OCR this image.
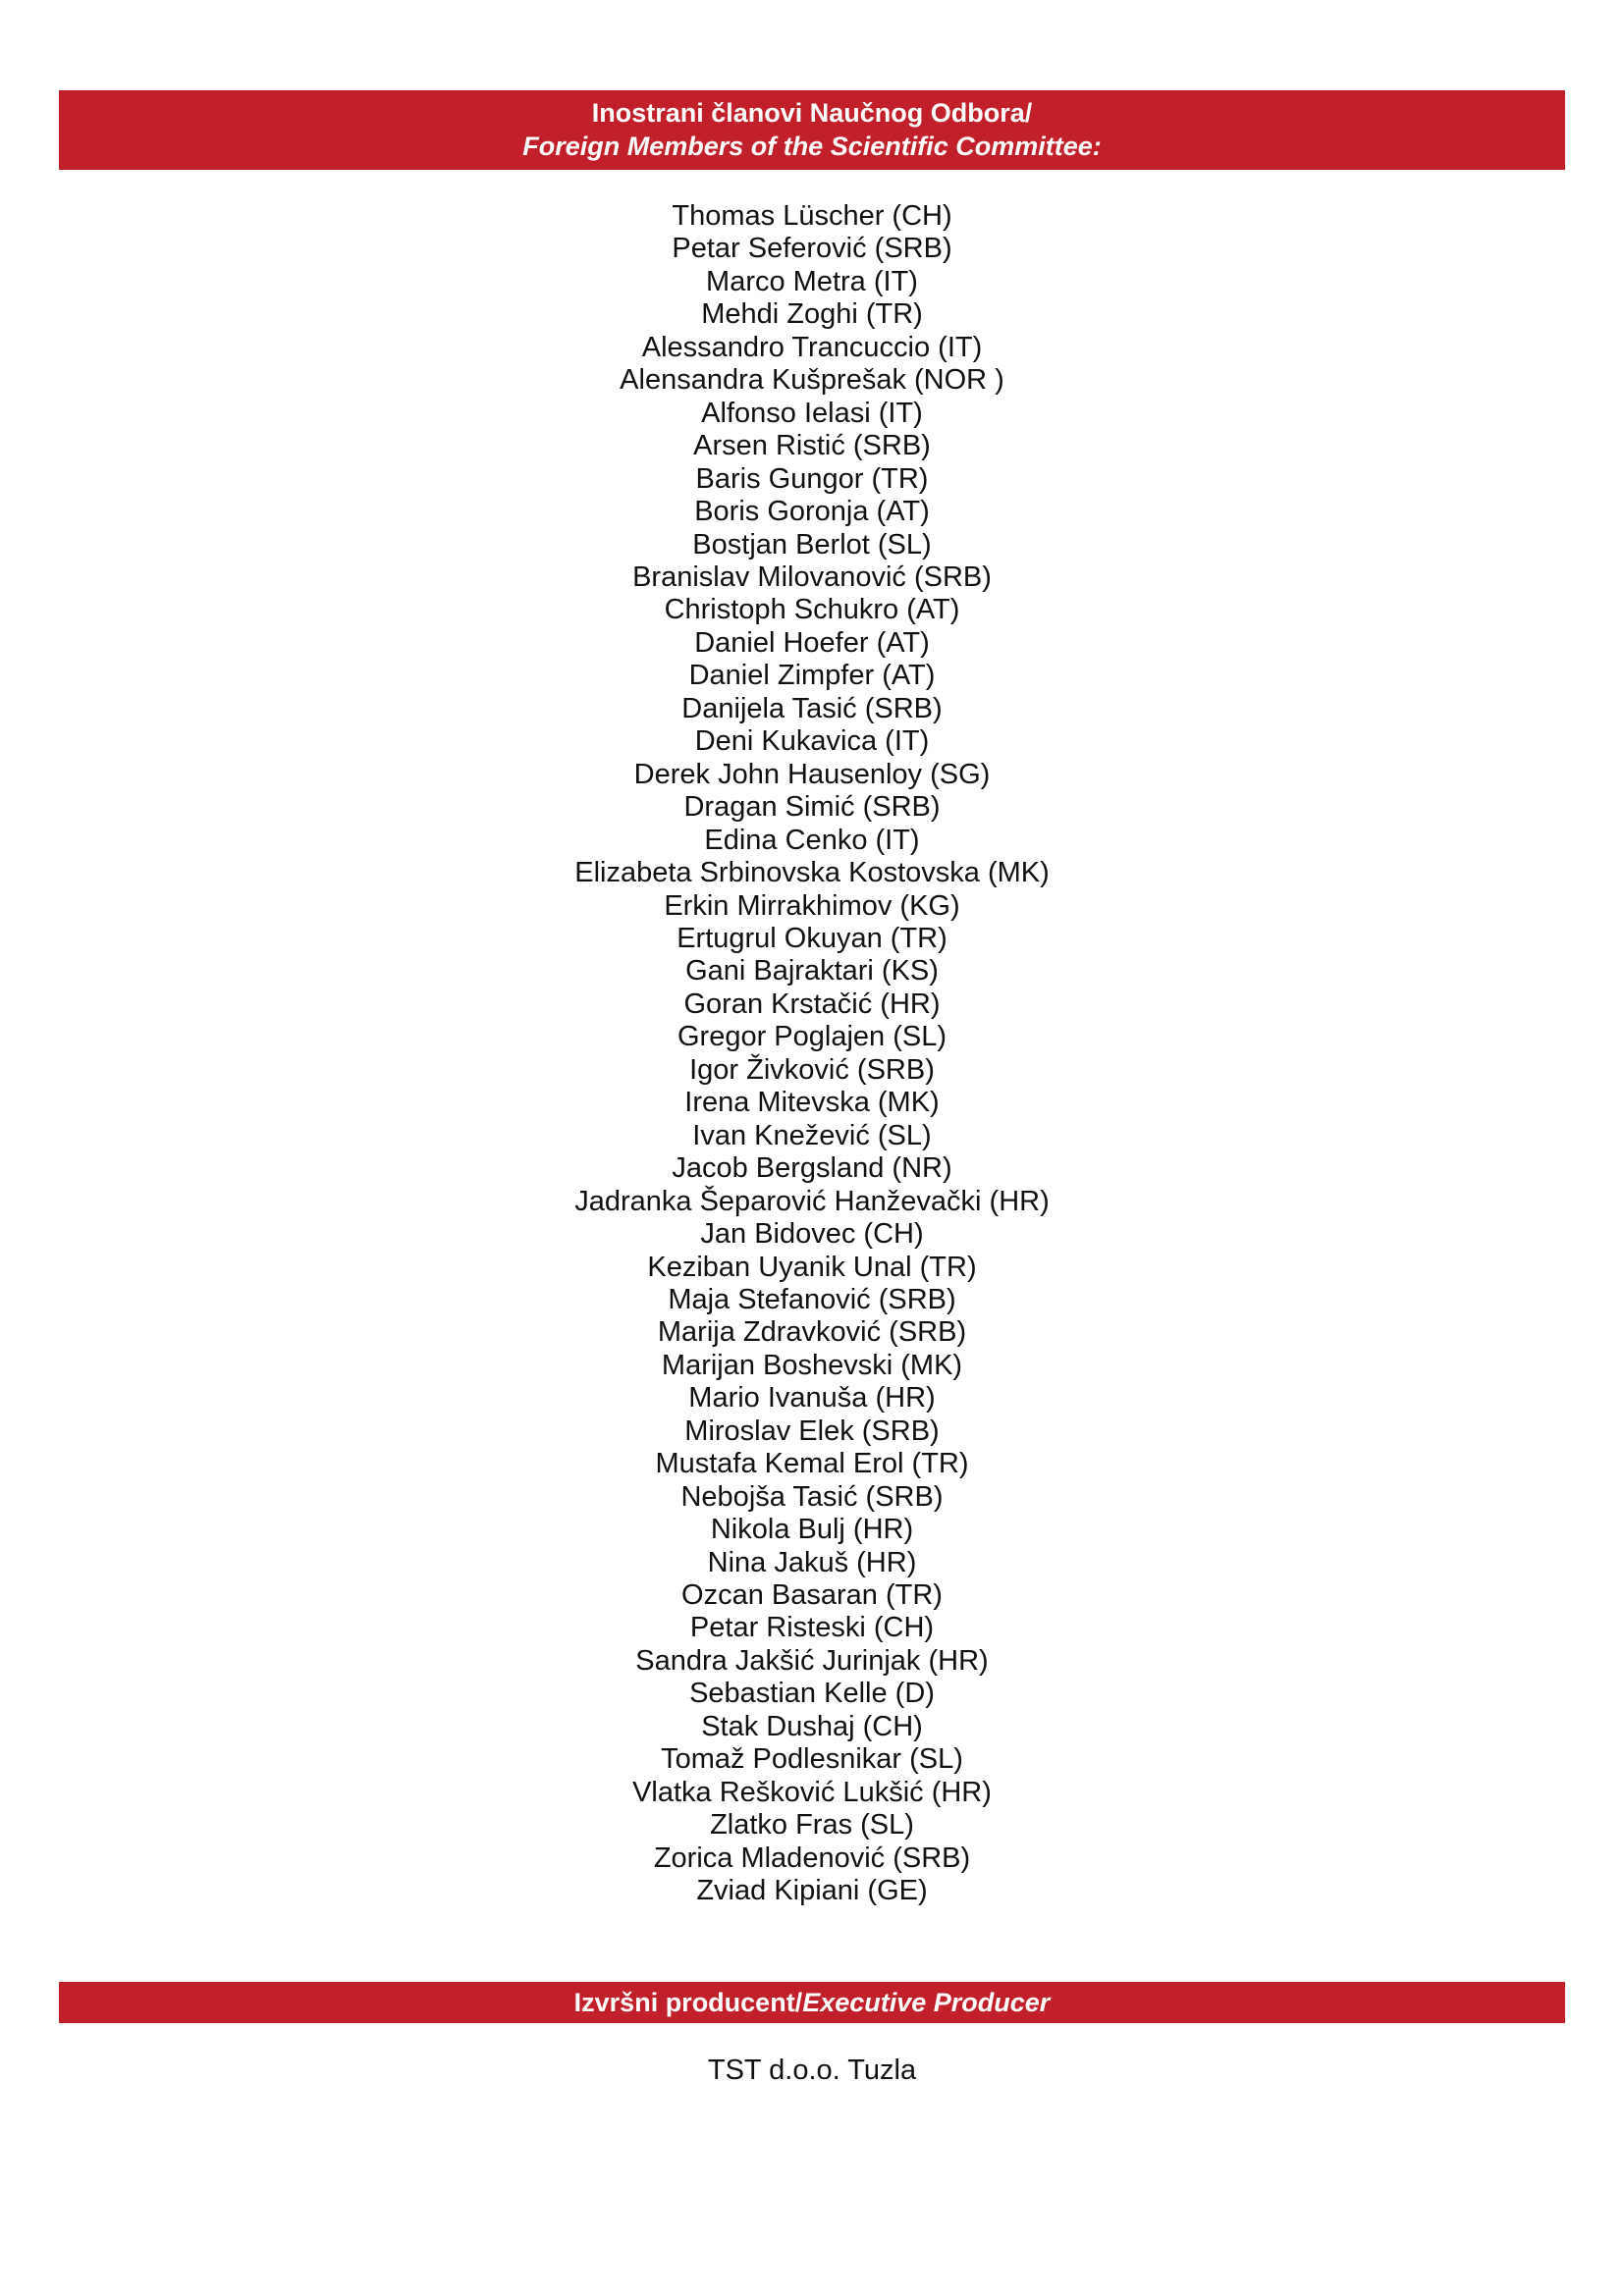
Inostrani članovi Naučnog Odbora/
Foreign Members of the Scientific Committee:
Thomas Lüscher (CH)
Petar Seferović (SRB)
Marco Metra (IT)
Mehdi Zoghi (TR)
Alessandro Trancuccio (IT)
Alensandra Kušprešak (NOR )
Alfonso Ielasi (IT)
Arsen Ristić (SRB)
Baris Gungor (TR)
Boris Goronja (AT)
Bostjan Berlot (SL)
Branislav Milovanović (SRB)
Christoph Schukro (AT)
Daniel Hoefer (AT)
Daniel Zimpfer (AT)
Danijela Tasić (SRB)
Deni Kukavica (IT)
Derek John Hausenloy (SG)
Dragan Simić (SRB)
Edina Cenko (IT)
Elizabeta Srbinovska Kostovska (MK)
Erkin Mirrakhimov (KG)
Ertugrul Okuyan (TR)
Gani Bajraktari (KS)
Goran Krstačić (HR)
Gregor Poglajen (SL)
Igor Živković (SRB)
Irena Mitevska (MK)
Ivan Knežević (SL)
Jacob Bergsland (NR)
Jadranka Šeparović Hanževački (HR)
Jan Bidovec (CH)
Keziban Uyanik Unal (TR)
Maja Stefanović (SRB)
Marija Zdravković (SRB)
Marijan Boshevski (MK)
Mario Ivanuša (HR)
Miroslav Elek (SRB)
Mustafa Kemal Erol (TR)
Nebojša Tasić (SRB)
Nikola Bulj (HR)
Nina Jakuš (HR)
Ozcan Basaran (TR)
Petar Risteski (CH)
Sandra Jakšić Jurinjak (HR)
Sebastian Kelle (D)
Stak Dushaj (CH)
Tomaž Podlesnikar (SL)
Vlatka Rešković Lukšić (HR)
Zlatko Fras (SL)
Zorica Mladenović (SRB)
Zviad Kipiani (GE)
Izvršni producent/Executive Producer
TST d.o.o. Tuzla
